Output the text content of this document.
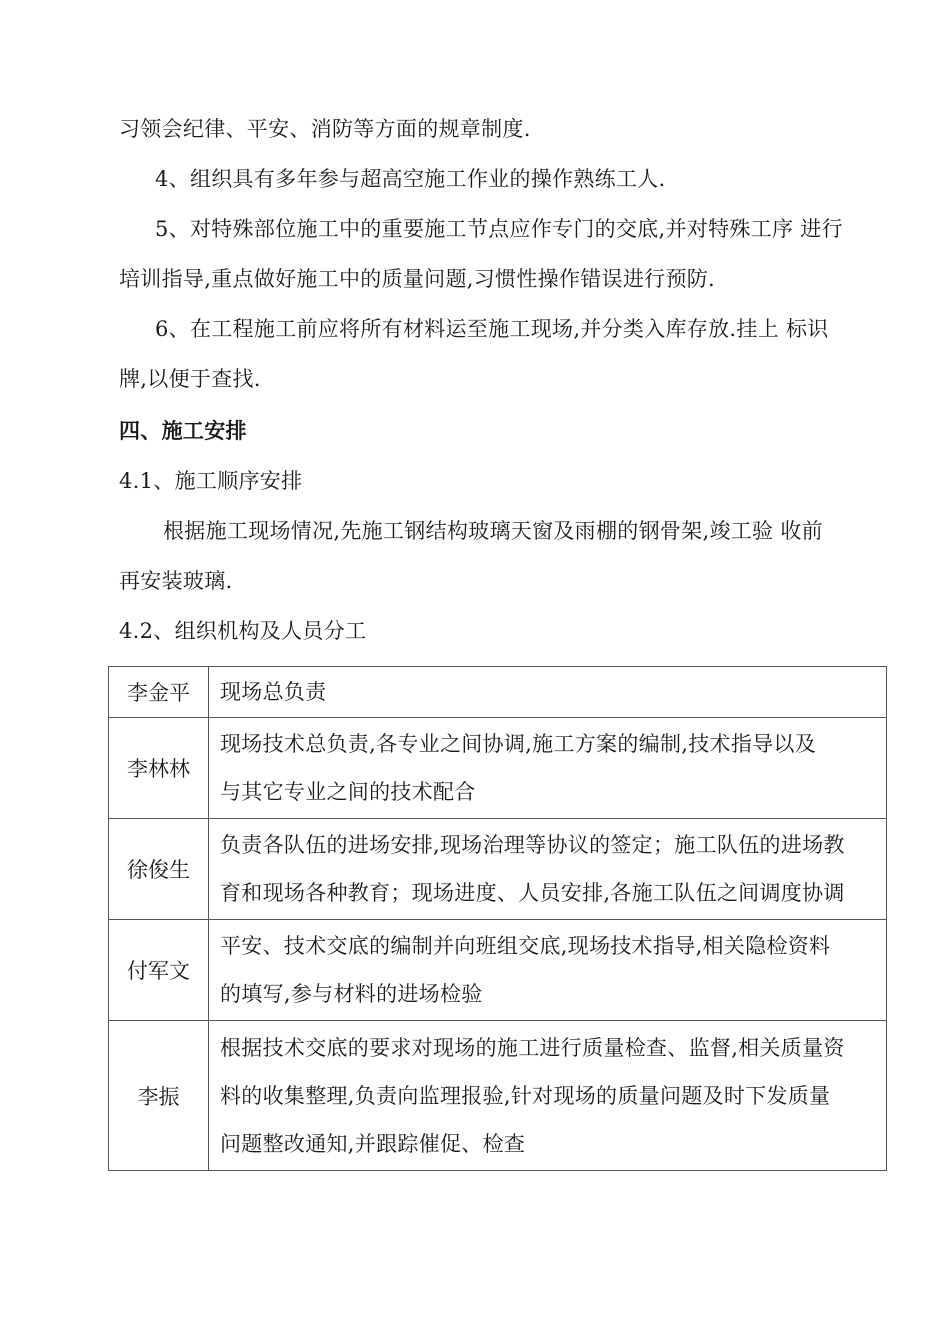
习领会纪律、平安、消防等方面的规章制度.
4、组织具有多年参与超高空施工作业的操作熟练工人.
5、对特殊部位施工中的重要施工节点应作专门的交底,并对特殊工序 进行
培训指导,重点做好施工中的质量问题,习惯性操作错误进行预防.
6、在工程施工前应将所有材料运至施工现场,并分类入库存放.挂上 标识
牌,以便于查找.
四、施工安排
4.1、施工顺序安排
根据施工现场情况,先施工钢结构玻璃天窗及雨棚的钢骨架,竣工验 收前
再安装玻璃.
4.2、组织机构及人员分工
李金平	现场总负责

李林林	现场技术总负责,各专业之间协调,施工方案的编制,技术指导以及
与其它专业之间的技术配合

徐俊生	负责各队伍的进场安排,现场治理等协议的签定；施工队伍的进场教
育和现场各种教育；现场进度、人员安排,各施工队伍之间调度协调

付军文	平安、技术交底的编制并向班组交底,现场技术指导,相关隐检资料
的填写,参与材料的进场检验

李振	根据技术交底的要求对现场的施工进行质量检查、监督,相关质量资
料的收集整理,负责向监理报验,针对现场的质量问题及时下发质量
问题整改通知,并跟踪催促、检查
